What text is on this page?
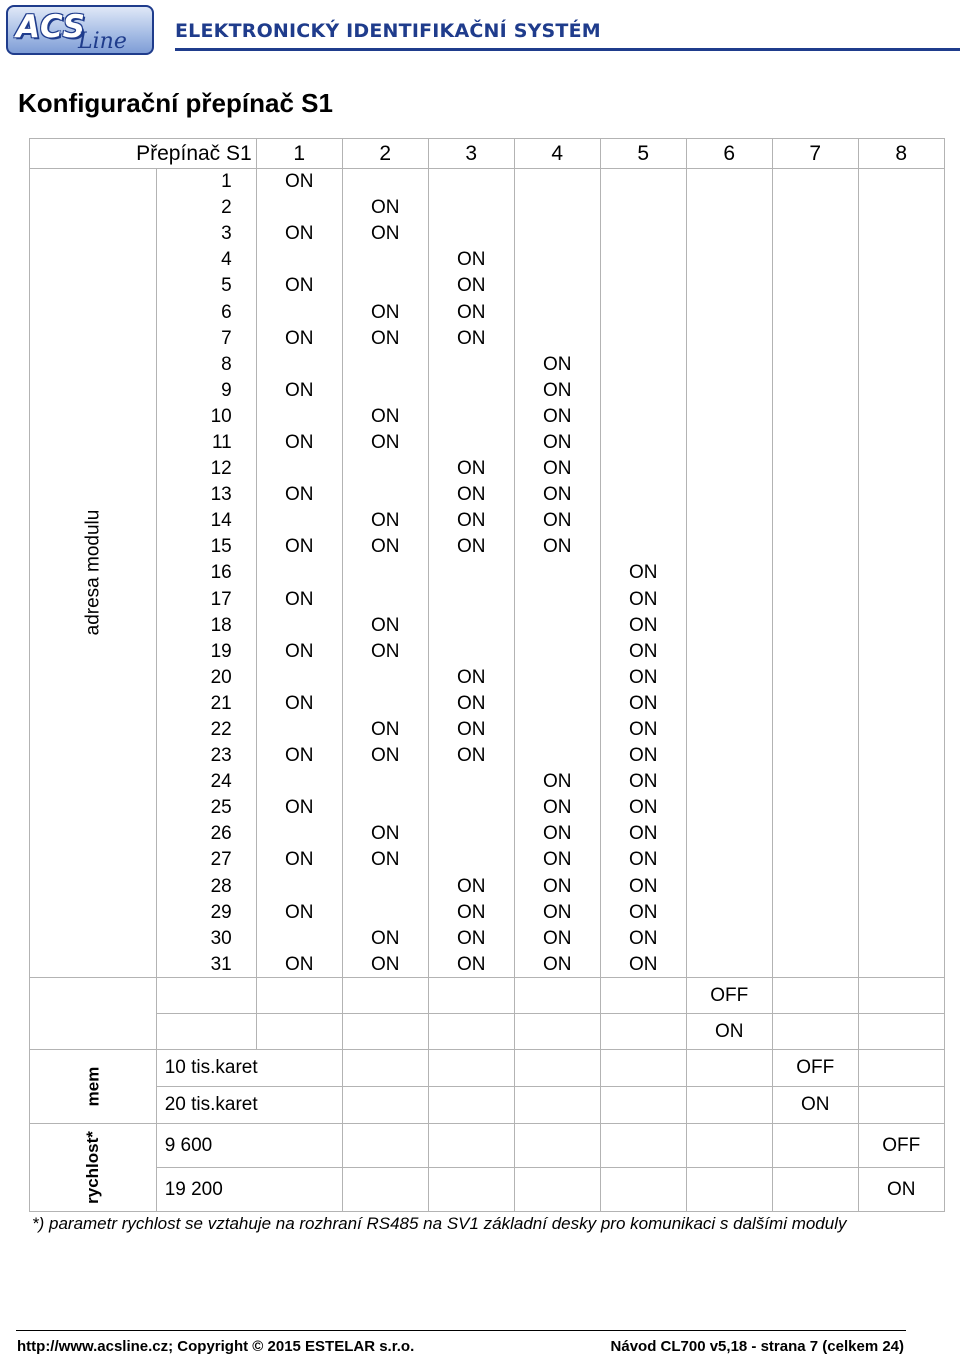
ACS
Line	ELEKTRONICKÝ IDENTIFIKAČNÍ SYSTÉM
Konfigurační přepínač S1
Přepínač S1		1	2	3	4	5	6	7	8
adresa modulu	1	ON							
	2		ON						
	3	ON	ON						
	4			ON					
	5	ON		ON					
	6		ON	ON					
	7	ON	ON	ON					
	8				ON				
	9	ON			ON				
	10		ON		ON				
	11	ON	ON		ON				
	12			ON	ON				
	13	ON		ON	ON				
	14		ON	ON	ON				
	15	ON	ON	ON	ON				
	16					ON			
	17	ON				ON			
	18		ON			ON			
	19	ON	ON			ON			
	20			ON		ON			
	21	ON		ON		ON			
	22		ON	ON		ON			
	23	ON	ON	ON		ON			
	24				ON	ON			
	25	ON			ON	ON			
	26		ON		ON	ON			
	27	ON	ON		ON	ON			
	28			ON	ON	ON			
	29	ON		ON	ON	ON			
	30		ON	ON	ON	ON			
	31	ON	ON	ON	ON	ON			
							OFF		
							ON		
mem	10 tis.karet							OFF	
	20 tis.karet							ON	
rychlost*	9 600								OFF
	19 200								ON
*) parametr rychlost se vztahuje na rozhraní RS485 na SV1 základní desky pro komunikaci s dalšími moduly
http://www.acsline.cz; Copyright © 2015 ESTELAR s.r.o.	Návod CL700 v5,18 - strana 7 (celkem 24)
